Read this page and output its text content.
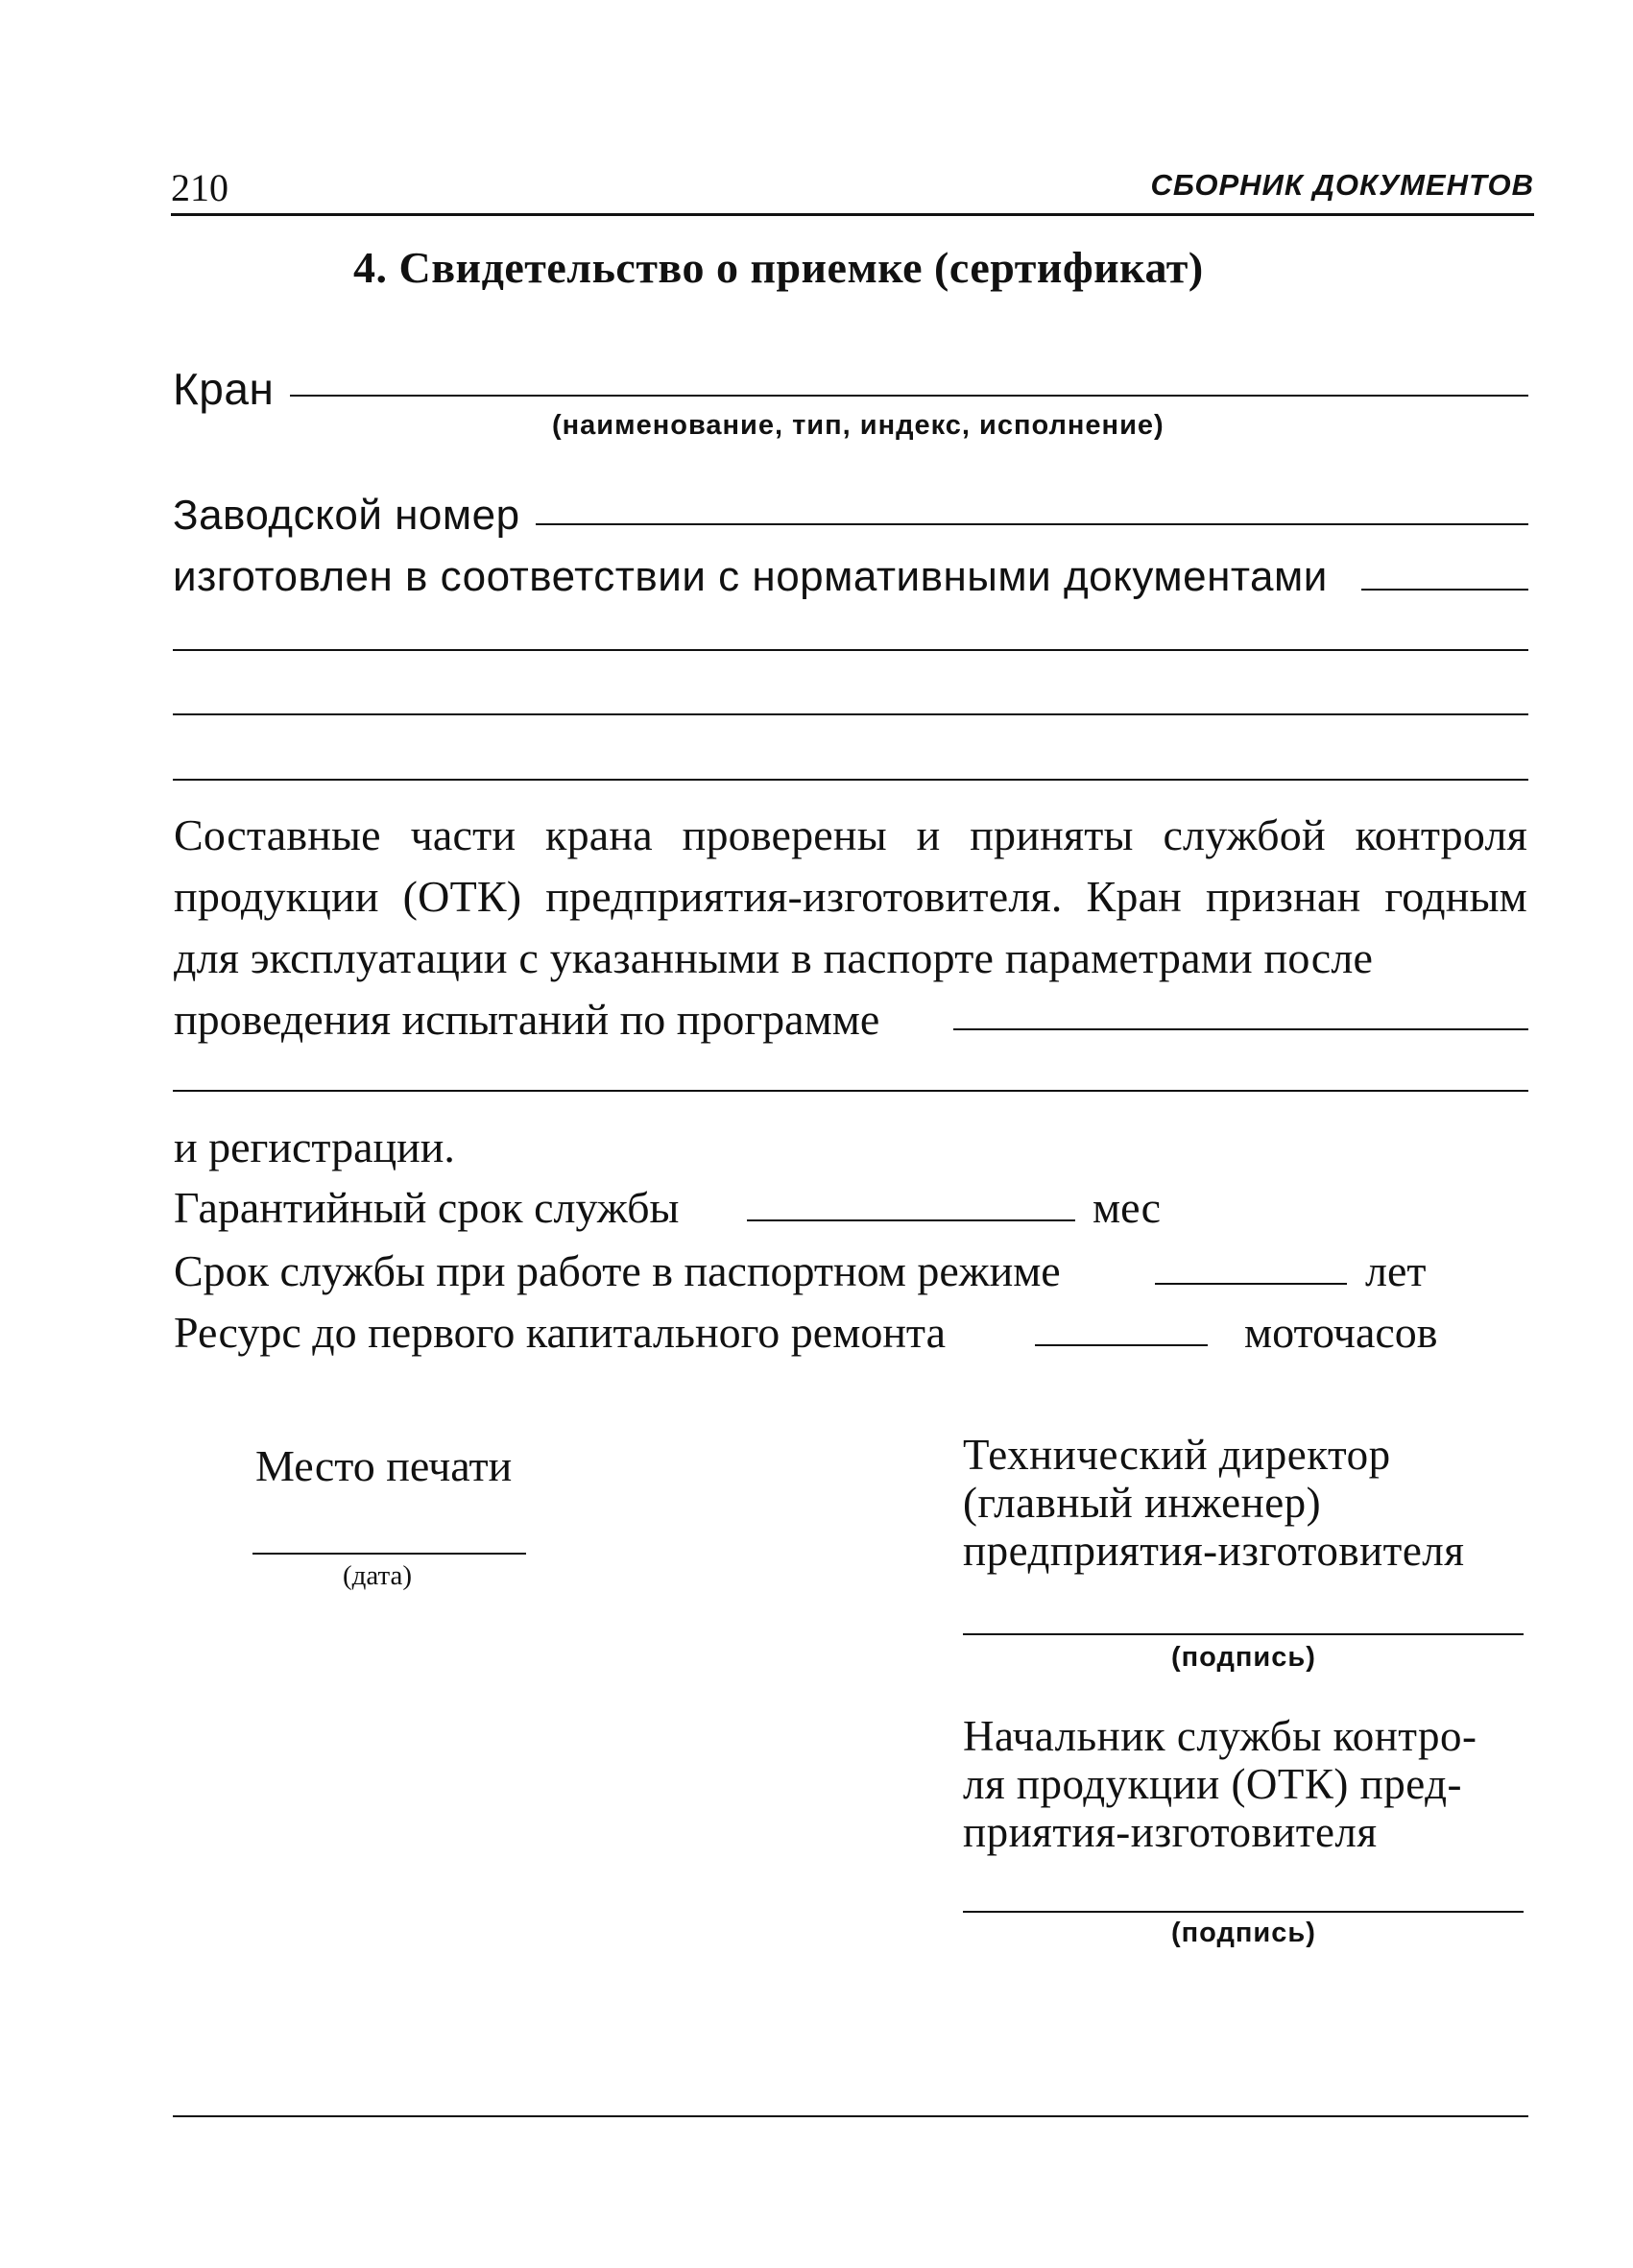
210	СБОРНИК ДОКУМЕНТОВ
4. Свидетельство о приемке (сертификат)
Кран
(наименование, тип, индекс, исполнение)
Заводской номер
изготовлен в соответствии с нормативными документами
Составные части крана проверены и приняты службой контроля продукции (ОТК) предприятия-изготовителя. Кран признан годным для эксплуатации с указанными в паспорте параметрами после
проведения испытаний по программе
и регистрации.
Гарантийный срок службы	мес
Срок службы при работе в паспортном режиме	лет
Ресурс до первого капитального ремонта	моточасов
Место печати
(дата)
Технический директор
(главный инженер)
предприятия-изготовителя
(подпись)
Начальник службы контро-
ля продукции (ОТК) пред-
приятия-изготовителя
(подпись)
